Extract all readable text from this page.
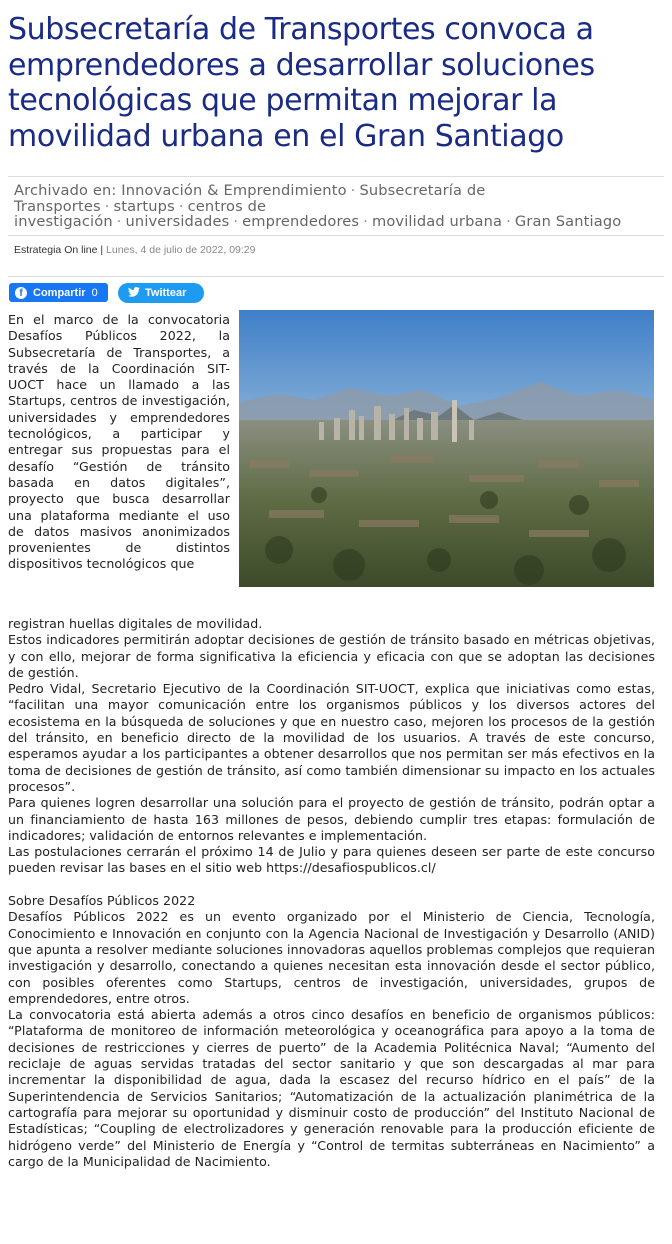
Subsecretaría de Transportes convoca a emprendedores a desarrollar soluciones tecnológicas que permitan mejorar la movilidad urbana en el Gran Santiago
Archivado en: Innovación & Emprendimiento · Subsecretaría de Transportes · startups · centros de investigación · universidades · emprendedores · movilidad urbana · Gran Santiago
Estrategia On line | Lunes, 4 de julio de 2022, 09:29
f Compartir 0	Twittear

En el marco de la convocatoria Desafíos Públicos 2022, la Subsecretaría de Transportes, a través de la Coordinación SIT-UOCT hace un llamado a las Startups, centros de investigación, universidades y emprendedores tecnológicos, a participar y entregar sus propuestas para el desafío “Gestión de tránsito basada en datos digitales”, proyecto que busca desarrollar una plataforma mediante el uso de datos masivos anonimizados provenientes de distintos dispositivos tecnológicos que

registran huellas digitales de movilidad.

Estos indicadores permitirán adoptar decisiones de gestión de tránsito basado en métricas objetivas, y con ello, mejorar de forma significativa la eficiencia y eficacia con que se adoptan las decisiones de gestión.

Pedro Vidal, Secretario Ejecutivo de la Coordinación SIT-UOCT, explica que iniciativas como estas, “facilitan una mayor comunicación entre los organismos públicos y los diversos actores del ecosistema en la búsqueda de soluciones y que en nuestro caso, mejoren los procesos de la gestión del tránsito, en beneficio directo de la movilidad de los usuarios. A través de este concurso, esperamos ayudar a los participantes a obtener desarrollos que nos permitan ser más efectivos en la toma de decisiones de gestión de tránsito, así como también dimensionar su impacto en los actuales procesos”.

Para quienes logren desarrollar una solución para el proyecto de gestión de tránsito, podrán optar a un financiamiento de hasta 163 millones de pesos, debiendo cumplir tres etapas: formulación de indicadores; validación de entornos relevantes e implementación.

Las postulaciones cerrarán el próximo 14 de Julio y para quienes deseen ser parte de este concurso pueden revisar las bases en el sitio web https://desafiospublicos.cl/

Sobre Desafíos Públicos 2022

Desafíos Públicos 2022 es un evento organizado por el Ministerio de Ciencia, Tecnología, Conocimiento e Innovación en conjunto con la Agencia Nacional de Investigación y Desarrollo (ANID) que apunta a resolver mediante soluciones innovadoras aquellos problemas complejos que requieran investigación y desarrollo, conectando a quienes necesitan esta innovación desde el sector público, con posibles oferentes como Startups, centros de investigación, universidades, grupos de emprendedores, entre otros.

La convocatoria está abierta además a otros cinco desafíos en beneficio de organismos públicos: “Plataforma de monitoreo de información meteorológica y oceanográfica para apoyo a la toma de decisiones de restricciones y cierres de puerto” de la Academia Politécnica Naval; “Aumento del reciclaje de aguas servidas tratadas del sector sanitario y que son descargadas al mar para incrementar la disponibilidad de agua, dada la escasez del recurso hídrico en el país” de la Superintendencia de Servicios Sanitarios; “Automatización de la actualización planimétrica de la cartografía para mejorar su oportunidad y disminuir costo de producción” del Instituto Nacional de Estadísticas; “Coupling de electrolizadores y generación renovable para la producción eficiente de hidrógeno verde” del Ministerio de Energía y “Control de termitas subterráneas en Nacimiento” a cargo de la Municipalidad de Nacimiento.
